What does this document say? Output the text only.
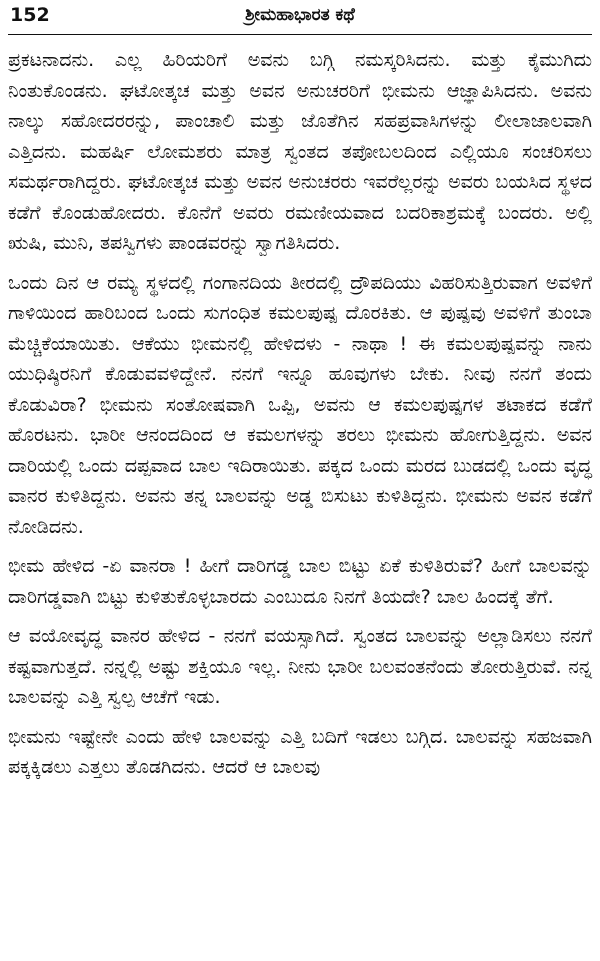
152	ಶ್ರೀಮಹಾಭಾರತ ಕಥೆ

ಪ್ರಕಟನಾದನು. ಎಲ್ಲ ಹಿರಿಯರಿಗೆ ಅವನು ಬಗ್ಗಿ ನಮಸ್ಕರಿಸಿದನು. ಮತ್ತು ಕೈಮುಗಿದು ನಿಂತುಕೊಂಡನು. ಘಟೋತ್ಕಚ ಮತ್ತು ಅವನ ಅನುಚರರಿಗೆ ಭೀಮನು ಆಜ್ಞಾಪಿಸಿದನು. ಅವನು ನಾಲ್ಕು ಸಹೋದರರನ್ನು, ಪಾಂಚಾಲಿ ಮತ್ತು ಜೊತೆಗಿನ ಸಹಪ್ರವಾಸಿಗಳನ್ನು ಲೀಲಾಜಾಲವಾಗಿ ಎತ್ತಿದನು. ಮಹರ್ಷಿ ಲೋಮಶರು ಮಾತ್ರ ಸ್ವಂತದ ತಪೋಬಲದಿಂದ ಎಲ್ಲಿಯೂ ಸಂಚರಿಸಲು ಸಮರ್ಥರಾಗಿದ್ದರು. ಘಟೋತ್ಕಚ ಮತ್ತು ಅವನ ಅನುಚರರು ಇವರೆಲ್ಲರನ್ನು ಅವರು ಬಯಸಿದ ಸ್ಥಳದ ಕಡೆಗೆ ಕೊಂಡುಹೋದರು. ಕೊನೆಗೆ ಅವರು ರಮಣೀಯವಾದ ಬದರಿಕಾಶ್ರಮಕ್ಕೆ ಬಂದರು. ಅಲ್ಲಿ ಋಷಿ, ಮುನಿ, ತಪಸ್ವಿಗಳು ಪಾಂಡವರನ್ನು ಸ್ವಾಗತಿಸಿದರು.

ಒಂದು ದಿನ ಆ ರಮ್ಯ ಸ್ಥಳದಲ್ಲಿ ಗಂಗಾನದಿಯ ತೀರದಲ್ಲಿ ದ್ರೌಪದಿಯು ವಿಹರಿಸುತ್ತಿರುವಾಗ ಅವಳಿಗೆ ಗಾಳಿಯಿಂದ ಹಾರಿಬಂದ ಒಂದು ಸುಗಂಧಿತ ಕಮಲಪುಷ್ಪ ದೊರಕಿತು. ಆ ಪುಷ್ಪವು ಅವಳಿಗೆ ತುಂಬಾ ಮೆಚ್ಚಿಕೆಯಾಯಿತು. ಆಕೆಯು ಭೀಮನಲ್ಲಿ ಹೇಳಿದಳು - ನಾಥಾ ! ಈ ಕಮಲಪುಷ್ಪವನ್ನು ನಾನು ಯುಧಿಷ್ಠಿರನಿಗೆ ಕೊಡುವವಳಿದ್ದೇನೆ. ನನಗೆ ಇನ್ನೂ ಹೂವುಗಳು ಬೇಕು. ನೀವು ನನಗೆ ತಂದು ಕೊಡುವಿರಾ? ಭೀಮನು ಸಂತೋಷವಾಗಿ ಒಪ್ಪಿ, ಅವನು ಆ ಕಮಲಪುಷ್ಪಗಳ ತಟಾಕದ ಕಡೆಗೆ ಹೊರಟನು. ಭಾರೀ ಆನಂದದಿಂದ ಆ ಕಮಲಗಳನ್ನು ತರಲು ಭೀಮನು ಹೋಗುತ್ತಿದ್ದನು. ಅವನ ದಾರಿಯಲ್ಲಿ ಒಂದು ದಪ್ಪವಾದ ಬಾಲ ಇದಿರಾಯಿತು. ಪಕ್ಕದ ಒಂದು ಮರದ ಬುಡದಲ್ಲಿ ಒಂದು ವೃದ್ಧ ವಾನರ ಕುಳಿತಿದ್ದನು. ಅವನು ತನ್ನ ಬಾಲವನ್ನು ಅಡ್ಡ ಬಿಸುಟು ಕುಳಿತಿದ್ದನು. ಭೀಮನು ಅವನ ಕಡೆಗೆ ನೋಡಿದನು.

ಭೀಮ ಹೇಳಿದ -ಏ ವಾನರಾ ! ಹೀಗೆ ದಾರಿಗಡ್ಡ ಬಾಲ ಬಿಟ್ಟು ಏಕೆ ಕುಳಿತಿರುವೆ? ಹೀಗೆ ಬಾಲವನ್ನು ದಾರಿಗಡ್ಡವಾಗಿ ಬಿಟ್ಟು ಕುಳಿತುಕೊಳ್ಳಬಾರದು ಎಂಬುದೂ ನಿನಗೆ ತಿಯದೇ? ಬಾಲ ಹಿಂದಕ್ಕೆ ತೆಗೆ.

ಆ ವಯೋವೃದ್ಧ ವಾನರ ಹೇಳಿದ - ನನಗೆ ವಯಸ್ಸಾಗಿದೆ. ಸ್ವಂತದ ಬಾಲವನ್ನು ಅಲ್ಲಾಡಿಸಲು ನನಗೆ ಕಷ್ಟವಾಗುತ್ತದೆ. ನನ್ನಲ್ಲಿ ಅಷ್ಟು ಶಕ್ತಿಯೂ ಇಲ್ಲ. ನೀನು ಭಾರೀ ಬಲವಂತನೆಂದು ತೋರುತ್ತಿರುವೆ. ನನ್ನ ಬಾಲವನ್ನು ಎತ್ತಿ ಸ್ವಲ್ಪ ಆಚೆಗೆ ಇಡು.

ಭೀಮನು ಇಷ್ಟೇನೇ ಎಂದು ಹೇಳಿ ಬಾಲವನ್ನು ಎತ್ತಿ ಬದಿಗೆ ಇಡಲು ಬಗ್ಗಿದ. ಬಾಲವನ್ನು ಸಹಜವಾಗಿ ಪಕ್ಕಕ್ಕಿಡಲು ಎತ್ತಲು ತೊಡಗಿದನು. ಆದರೆ ಆ ಬಾಲವು
